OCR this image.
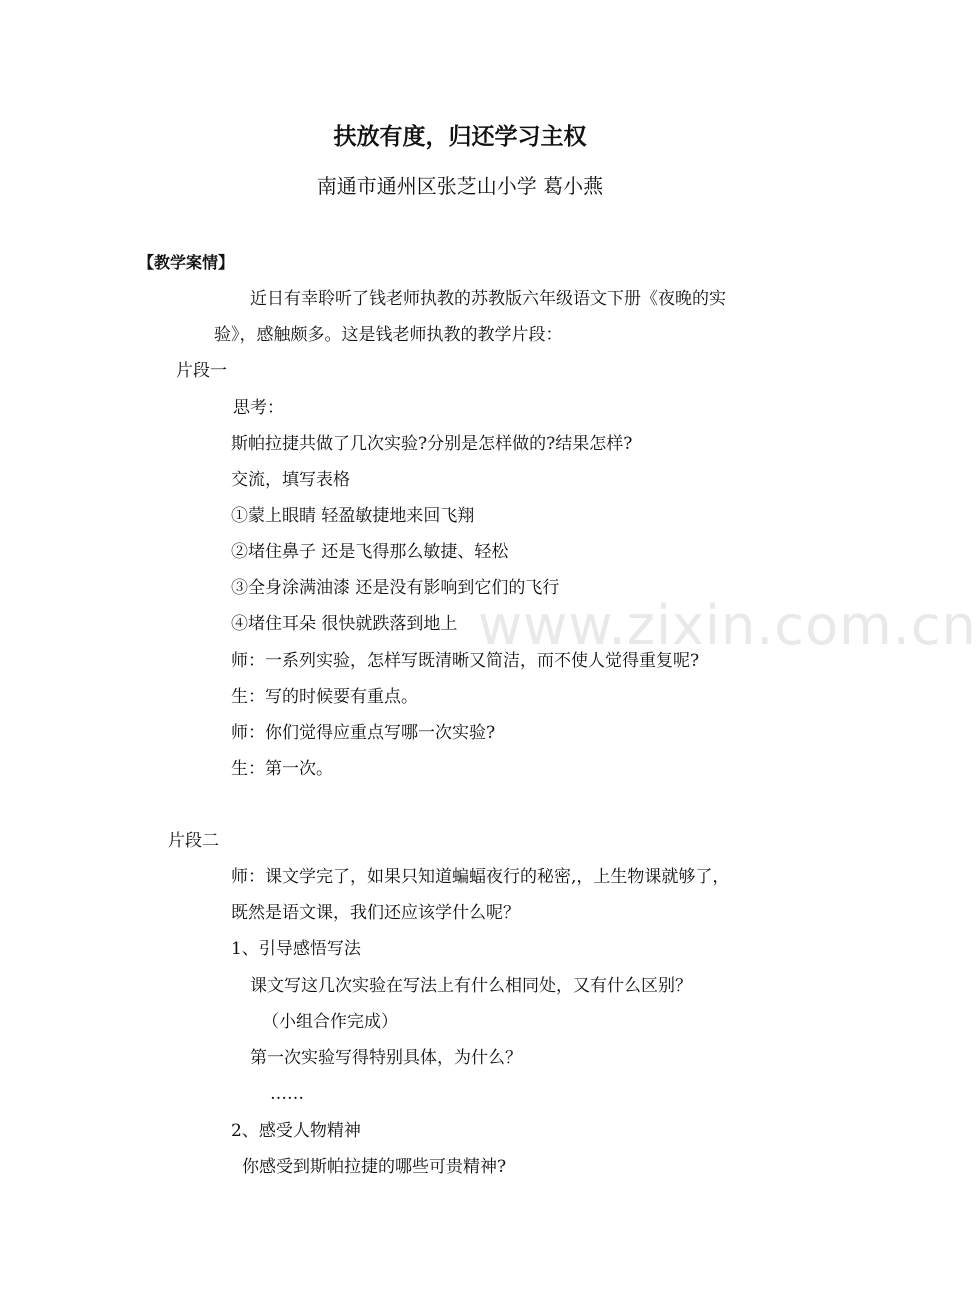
扶放有度，归还学习主权
南通市通州区张芝山小学 葛小燕
【教学案情】
近日有幸聆听了钱老师执教的苏教版六年级语文下册《夜晚的实
验》，感触颇多。这是钱老师执教的教学片段：
片段一
思考：
斯帕拉捷共做了几次实验?分别是怎样做的?结果怎样?
交流，填写表格
①蒙上眼睛 轻盈敏捷地来回飞翔
②堵住鼻子 还是飞得那么敏捷、轻松
③全身涂满油漆 还是没有影响到它们的飞行
④堵住耳朵 很快就跌落到地上
师：一系列实验，怎样写既清晰又简洁，而不使人觉得重复呢?
生：写的时候要有重点。
师：你们觉得应重点写哪一次实验?
生：第一次。
片段二
师：课文学完了，如果只知道蝙蝠夜行的秘密,，上生物课就够了，
既然是语文课，我们还应该学什么呢？
1、引导感悟写法
课文写这几次实验在写法上有什么相同处，又有什么区别？
（小组合作完成）
第一次实验写得特别具体，为什么？
……
2、感受人物精神
你感受到斯帕拉捷的哪些可贵精神?
www.zixin.com.cn
